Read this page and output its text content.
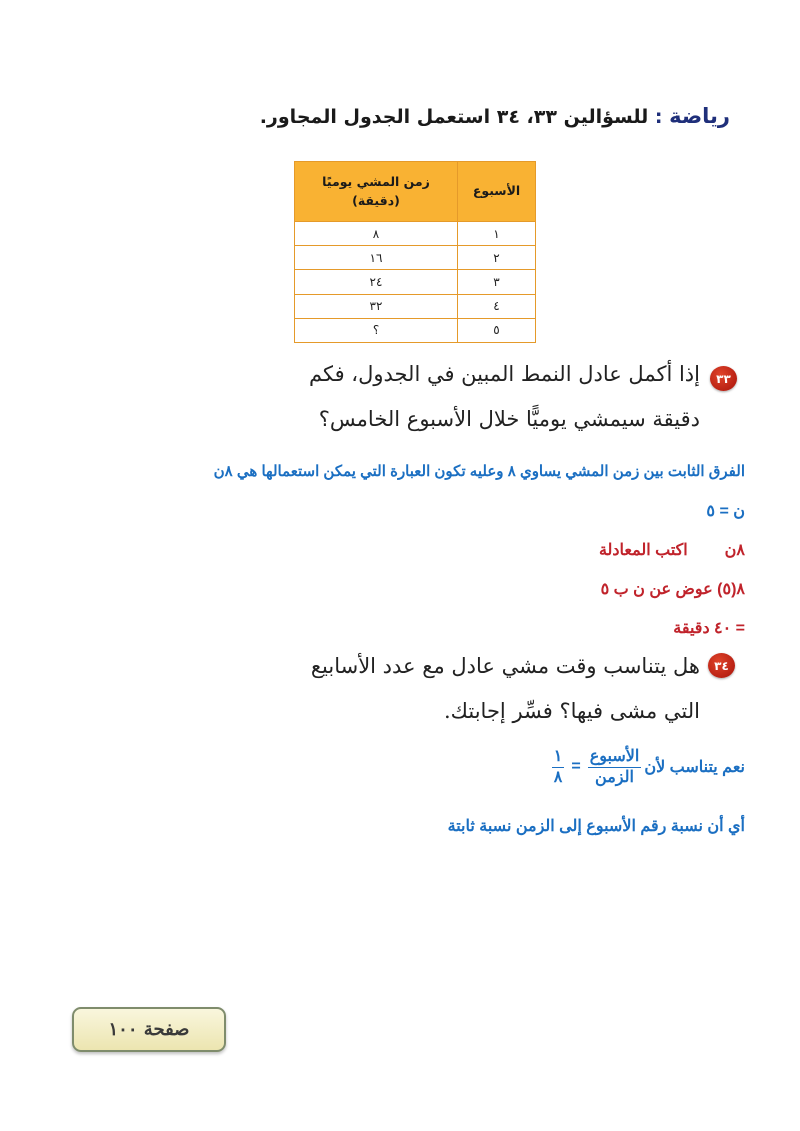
رياضة : للسؤالين ٣٣، ٣٤ استعمل الجدول المجاور.
الأسبوع	زمن المشي يوميًا
(دقيقة)

١	٨
٢	١٦
٣	٢٤
٤	٣٢
٥	؟
٣٣
إذا أكمل عادل النمط المبين في الجدول، فكم
دقيقة سيمشي يوميًّا خلال الأسبوع الخامس؟
الفرق الثابت بين زمن المشي يساوي ٨ وعليه تكون العبارة التي يمكن استعمالها هي ٨ن
ن = ٥
٨ن  اكتب المعادلة
٨(٥) عوض عن ن ب ٥
= ٤٠ دقيقة
٣٤
هل يتناسب وقت مشي عادل مع عدد الأسابيع
التي مشى فيها؟ فسِّر إجابتك.
نعم يتناسب لأن
$\frac{\text{الأسبوع}}{\text{الزمن}}$
=
$\frac{١}{٨}$
أي أن نسبة رقم الأسبوع إلى الزمن نسبة ثابتة
صفحة ١٠٠
